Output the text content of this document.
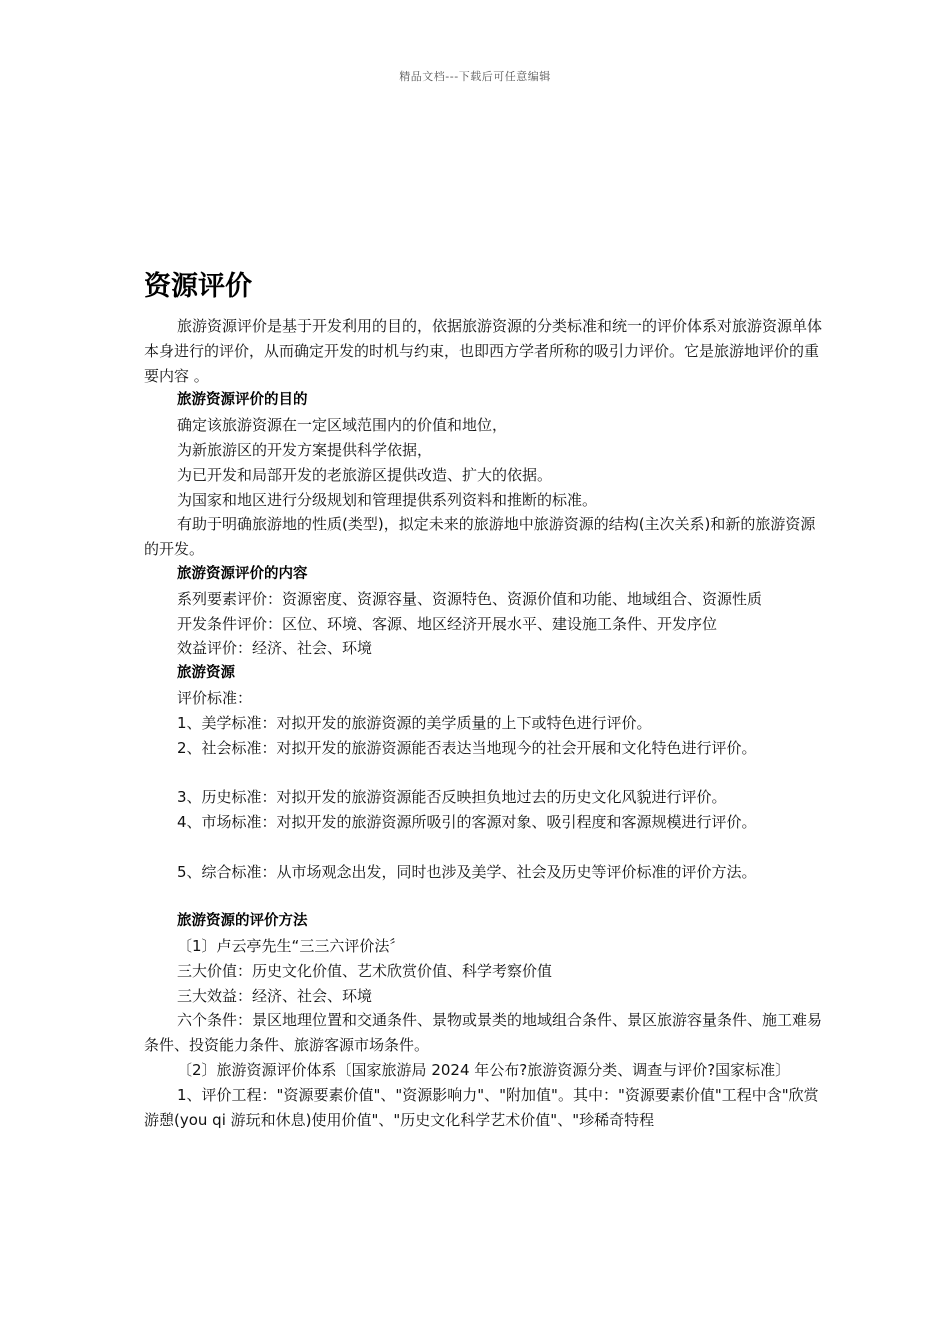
精品文档---下载后可任意编辑
资源评价

旅游资源评价是基于开发利用的目的，依据旅游资源的分类标准和统一的评价体系对旅游资源单体本身进行的评价，从而确定开发的时机与约束，也即西方学者所称的吸引力评价。它是旅游地评价的重要内容 。

旅游资源评价的目的

确定该旅游资源在一定区域范围内的价值和地位，

为新旅游区的开发方案提供科学依据，

为已开发和局部开发的老旅游区提供改造、扩大的依据。

为国家和地区进行分级规划和管理提供系列资料和推断的标准。

有助于明确旅游地的性质(类型)，拟定未来的旅游地中旅游资源的结构(主次关系)和新的旅游资源的开发。

旅游资源评价的内容

系列要素评价：资源密度、资源容量、资源特色、资源价值和功能、地域组合、资源性质

开发条件评价：区位、环境、客源、地区经济开展水平、建设施工条件、开发序位

效益评价：经济、社会、环境

旅游资源

评价标准：

1、美学标准：对拟开发的旅游资源的美学质量的上下或特色进行评价。

2、社会标准：对拟开发的旅游资源能否表达当地现今的社会开展和文化特色进行评价。

3、历史标准：对拟开发的旅游资源能否反映担负地过去的历史文化风貌进行评价。

4、市场标准：对拟开发的旅游资源所吸引的客源对象、吸引程度和客源规模进行评价。

5、综合标准：从市场观念出发，同时也涉及美学、社会及历史等评价标准的评价方法。

旅游资源的评价方法

〔1〕卢云亭先生“三三六评价法〞

三大价值：历史文化价值、艺术欣赏价值、科学考察价值

三大效益：经济、社会、环境

六个条件：景区地理位置和交通条件、景物或景类的地域组合条件、景区旅游容量条件、施工难易条件、投资能力条件、旅游客源市场条件。

〔2〕旅游资源评价体系〔国家旅游局 2024 年公布?旅游资源分类、调查与评价?国家标准〕

1、评价工程："资源要素价值"、"资源影响力"、"附加值"。其中："资源要素价值"工程中含"欣赏游憩(you qi 游玩和休息)使用价值"、"历史文化科学艺术价值"、"珍稀奇特程
